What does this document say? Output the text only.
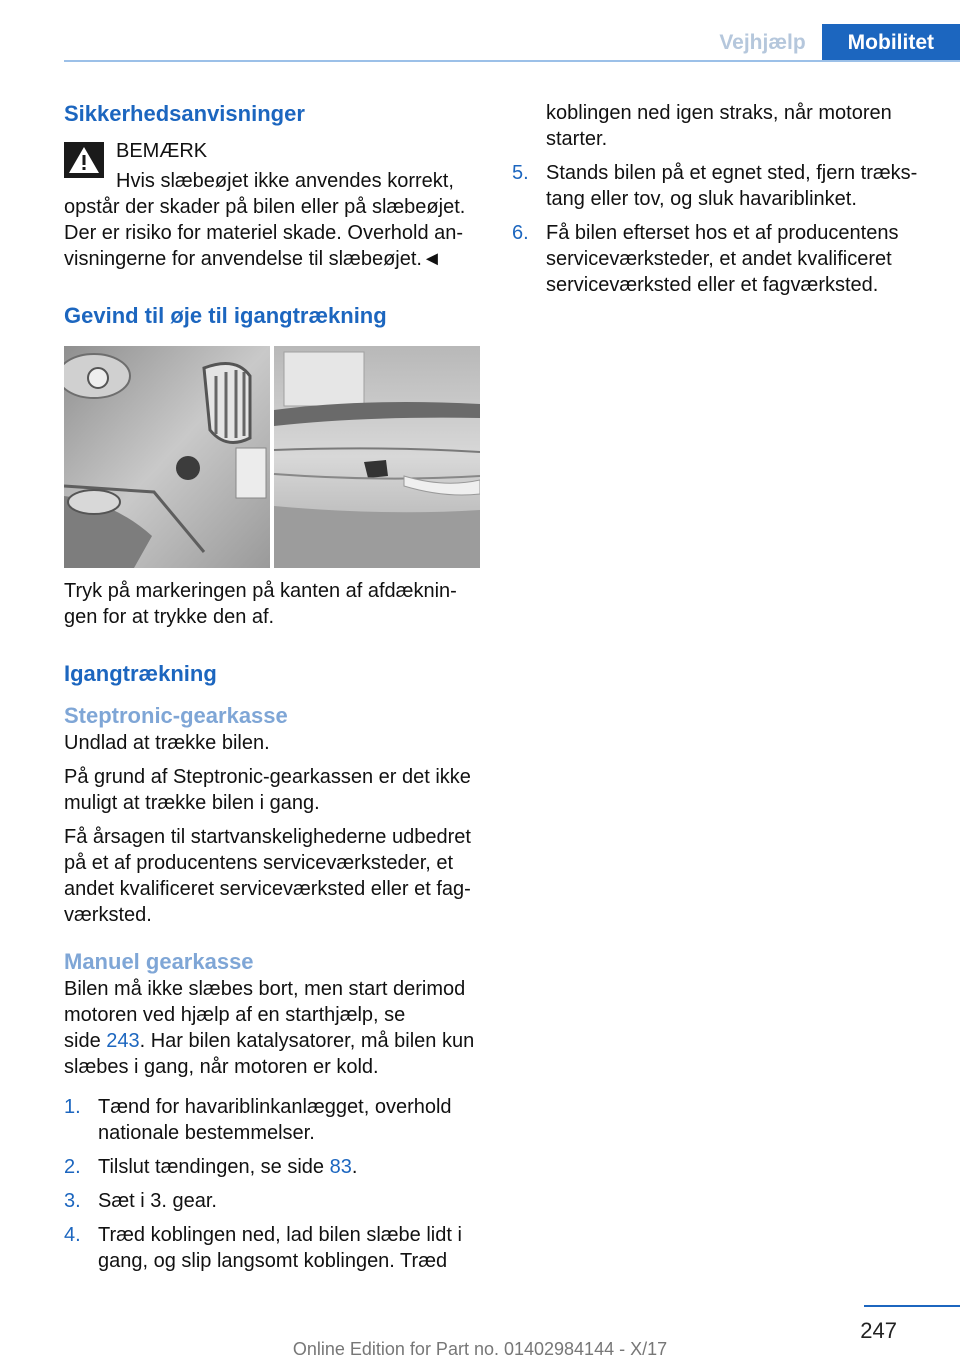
Vejhjælp	Mobilitet
Sikkerhedsanvisninger
BEMÆRK

Hvis slæbeøjet ikke anvendes korrekt, opstår der skader på bilen eller på slæbeøjet. Der er risiko for materiel skade. Overhold an-visningerne for anvendelse til slæbeøjet.◄

Gevind til øje til igangtrækning

Tryk på markeringen på kanten af afdæknin-gen for at trykke den af.

Igangtrækning
Steptronic-gearkasse

Undlad at trække bilen.

På grund af Steptronic-gearkassen er det ikke muligt at trække bilen i gang.

Få årsagen til startvanskelighederne udbedret på et af producentens serviceværksteder, et andet kvalificeret serviceværksted eller et fag-værksted.

Manuel gearkasse

Bilen må ikke slæbes bort, men start derimod motoren ved hjælp af en starthjælp, se side 243. Har bilen katalysatorer, må bilen kun slæbes i gang, når motoren er kold.

1. Tænd for havariblinkanlægget, overhold nationale bestemmelser.
2. Tilslut tændingen, se side 83.
3. Sæt i 3. gear.
4. Træd koblingen ned, lad bilen slæbe lidt i gang, og slip langsomt koblingen. Træd
koblingen ned igen straks, når motoren starter.
5. Stands bilen på et egnet sted, fjern træks-tang eller tov, og sluk havariblinket.
6. Få bilen efterset hos et af producentens serviceværksteder, et andet kvalificeret serviceværksted eller et fagværksted.
247
Online Edition for Part no. 01402984144 - X/17
